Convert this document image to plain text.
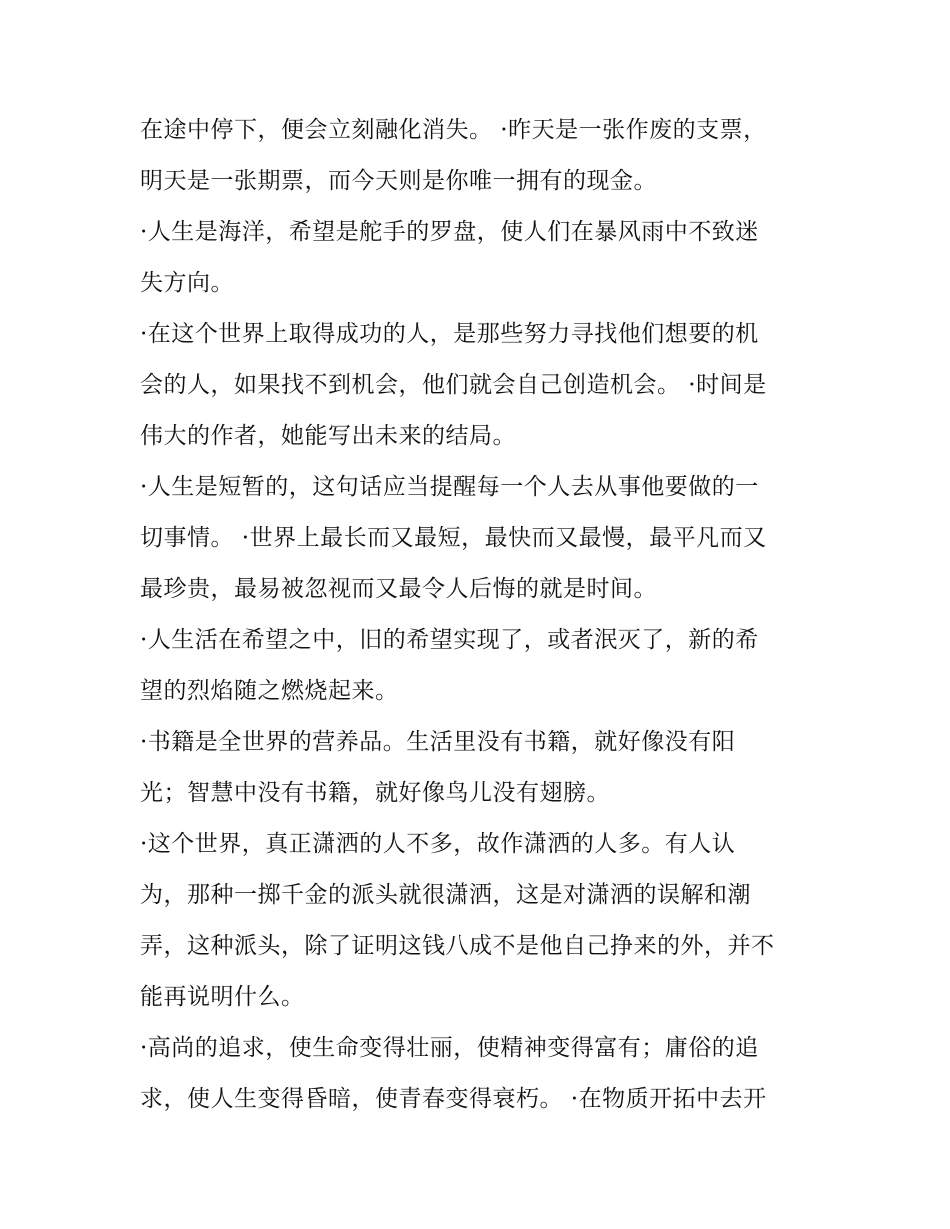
在途中停下，便会立刻融化消失。 ·昨天是一张作废的支票，
明天是一张期票，而今天则是你唯一拥有的现金。
·人生是海洋，希望是舵手的罗盘，使人们在暴风雨中不致迷
失方向。
·在这个世界上取得成功的人，是那些努力寻找他们想要的机
会的人，如果找不到机会，他们就会自己创造机会。 ·时间是
伟大的作者，她能写出未来的结局。
·人生是短暂的，这句话应当提醒每一个人去从事他要做的一
切事情。 ·世界上最长而又最短，最快而又最慢，最平凡而又
最珍贵，最易被忽视而又最令人后悔的就是时间。
·人生活在希望之中，旧的希望实现了，或者泯灭了，新的希
望的烈焰随之燃烧起来。
·书籍是全世界的营养品。生活里没有书籍，就好像没有阳
光；智慧中没有书籍，就好像鸟儿没有翅膀。
·这个世界，真正潇洒的人不多，故作潇洒的人多。有人认
为，那种一掷千金的派头就很潇洒，这是对潇洒的误解和潮
弄，这种派头，除了证明这钱八成不是他自己挣来的外，并不
能再说明什么。
·高尚的追求，使生命变得壮丽，使精神变得富有；庸俗的追
求，使人生变得昏暗，使青春变得衰朽。 ·在物质开拓中去开
